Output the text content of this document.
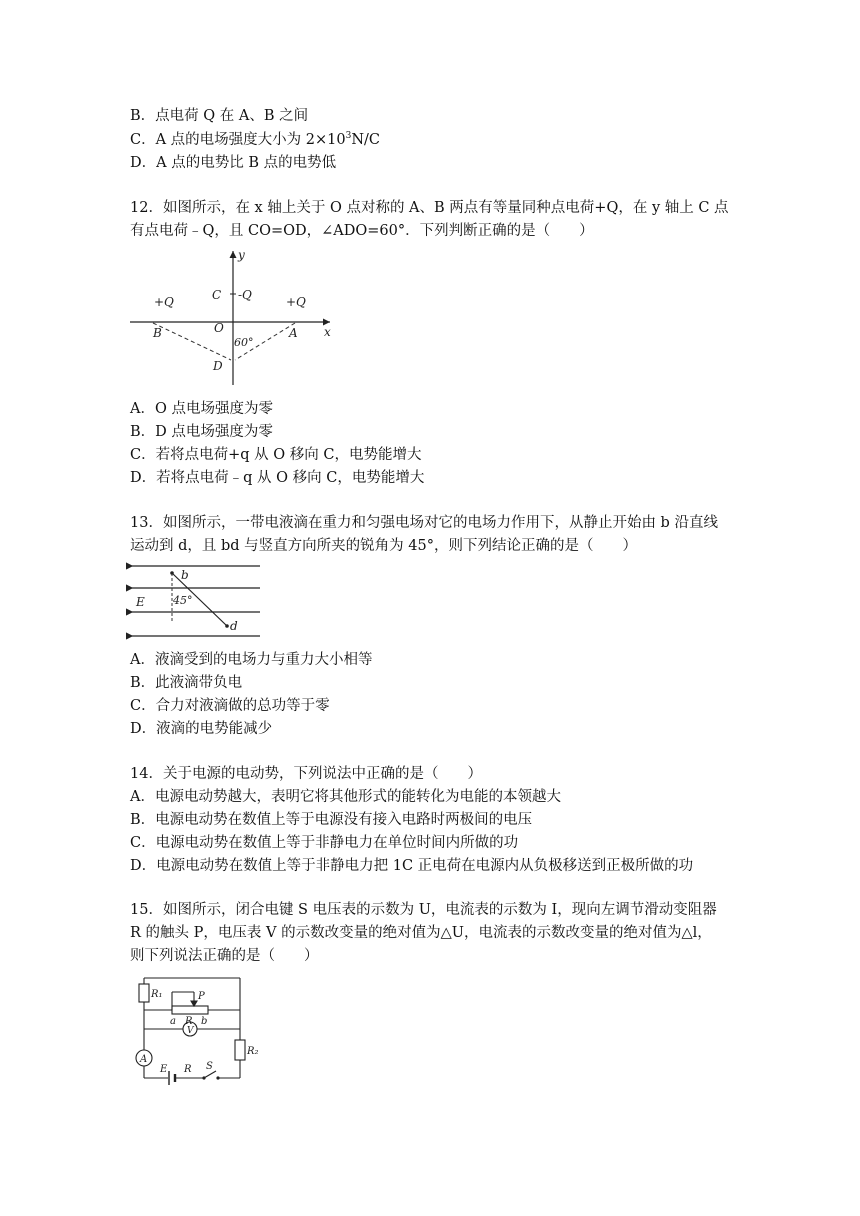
B．点电荷 Q 在 A、B 之间
C．A 点的电场强度大小为 $2\times 10^3N/C$
D．A 点的电势比 B 点的电势低
12．如图所示，在 x 轴上关于 O 点对称的 A、B 两点有等量同种点电荷+Q，在 y 轴上 C 点
有点电荷﹣Q，且 CO=OD，∠ADO=60°．下列判断正确的是（　　）
y
x
C -Q
+Q	+Q
B	O	A
60°
D
A．O 点电场强度为零
B．D 点电场强度为零
C．若将点电荷+q 从 O 移向 C，电势能增大
D．若将点电荷﹣q 从 O 移向 C，电势能增大
13．如图所示，一带电液滴在重力和匀强电场对它的电场力作用下，从静止开始由 b 沿直线
运动到 d，且 bd 与竖直方向所夹的锐角为 45°，则下列结论正确的是（　　）
b
45°
E
d
A．液滴受到的电场力与重力大小相等
B．此液滴带负电
C．合力对液滴做的总功等于零
D．液滴的电势能减少
14．关于电源的电动势，下列说法中正确的是（　　）
A．电源电动势越大，表明它将其他形式的能转化为电能的本领越大
B．电源电动势在数值上等于电源没有接入电路时两极间的电压
C．电源电动势在数值上等于非静电力在单位时间内所做的功
D．电源电动势在数值上等于非静电力把 1C 正电荷在电源内从负极移送到正极所做的功
15．如图所示，闭合电键 S 电压表的示数为 U，电流表的示数为 I，现向左调节滑动变阻器
R 的触头 P，电压表 V 的示数改变量的绝对值为△U，电流表的示数改变量的绝对值为△l，
则下列说法正确的是（　　）
R₁	P
a R b
V
A
R₂
E R S
